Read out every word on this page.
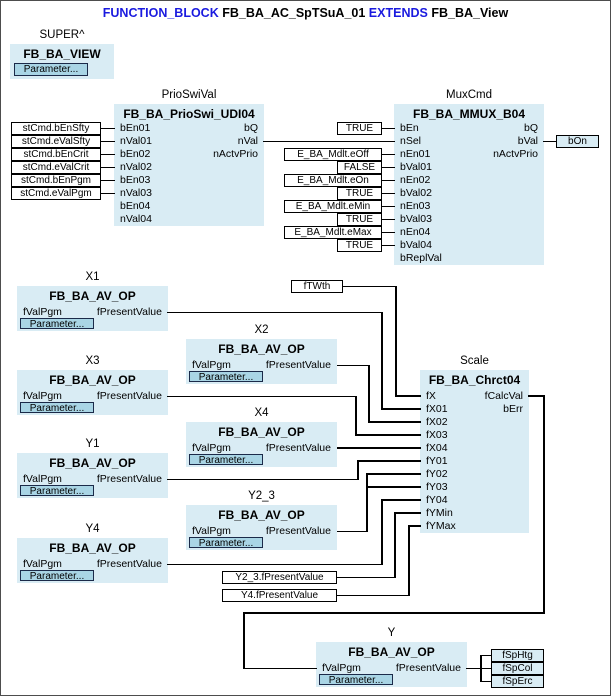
FUNCTION_BLOCK FB_BA_AC_SpTSuA_01 EXTENDS FB_BA_View
FB_BA_VIEW
Parameter...
SUPER^
FB_BA_PrioSwi_UDI04
bEn01
nVal01
bEn02
nVal02
bEn03
nVal03
bEn04
nVal04
bQ
nVal
nActvPrio
PrioSwiVal
FB_BA_MMUX_B04
bEn
nSel
nEn01
bVal01
nEn02
bVal02
nEn03
bVal03
nEn04
bVal04
bReplVal
bQ
bVal
nActvPrio
MuxCmd
FB_BA_Chrct04
fX
fX01
fX02
fX03
fX04
fY01
fY02
fY03
fY04
fYMin
fYMax
fCalcVal
bErr
Scale
FB_BA_AV_OP
fValPgm	fPresentValue
Parameter...
X1
FB_BA_AV_OP
fValPgm	fPresentValue
Parameter...
X2
FB_BA_AV_OP
fValPgm	fPresentValue
Parameter...
X3
FB_BA_AV_OP
fValPgm	fPresentValue
Parameter...
X4
FB_BA_AV_OP
fValPgm	fPresentValue
Parameter...
Y1
FB_BA_AV_OP
fValPgm	fPresentValue
Parameter...
Y2_3
FB_BA_AV_OP
fValPgm	fPresentValue
Parameter...
Y4
FB_BA_AV_OP
fValPgm	fPresentValue
Parameter...
Y
stCmd.bEnSfty
stCmd.eValSfty
stCmd.bEnCrit
stCmd.eValCrit
stCmd.bEnPgm
stCmd.eValPgm
E_BA_Mdlt.eOff
FALSE
E_BA_Mdlt.eOn
TRUE
E_BA_Mdlt.eMin
TRUE
E_BA_Mdlt.eMax
TRUE
TRUE
bOn
fTWth
Y2_3.fPresentValue
Y4.fPresentValue
fSpHtg
fSpCol
fSpErc
